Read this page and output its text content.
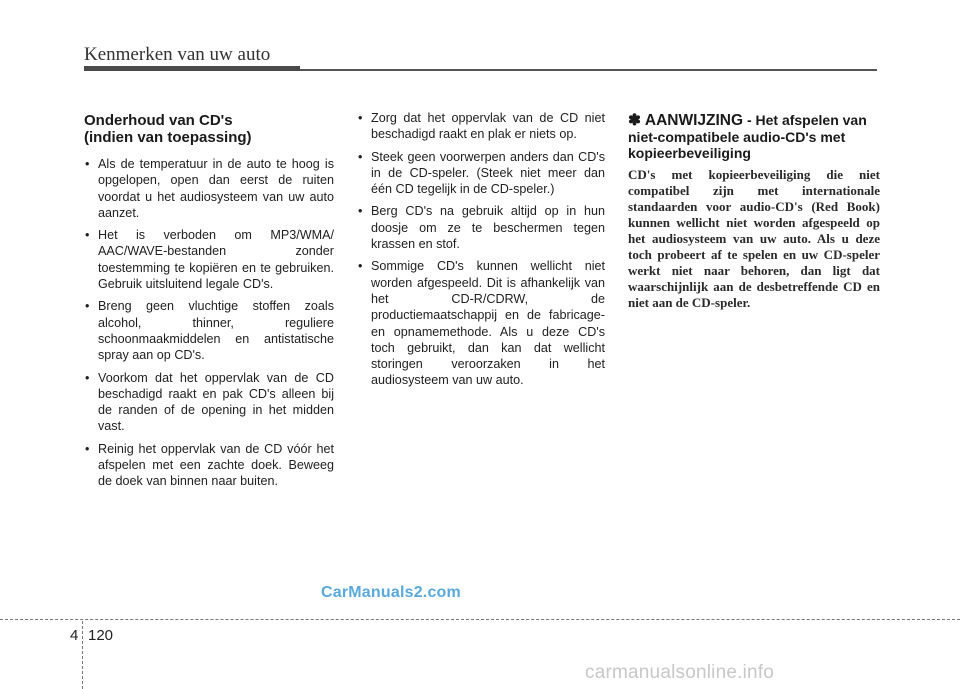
Kenmerken van uw auto
Onderhoud van CD's
(indien van toepassing)
• Als de temperatuur in de auto te hoog is opgelopen, open dan eerst de ruiten voordat u het audiosysteem van uw auto aanzet.
• Het is verboden om MP3/WMA/ AAC/WAVE-bestanden zonder toestemming te kopiëren en te gebruiken. Gebruik uitsluitend legale CD's.
• Breng geen vluchtige stoffen zoals alcohol, thinner, reguliere schoonmaakmiddelen en antistatische spray aan op CD's.
• Voorkom dat het oppervlak van de CD beschadigd raakt en pak CD's alleen bij de randen of de opening in het midden vast.
• Reinig het oppervlak van de CD vóór het afspelen met een zachte doek. Beweeg de doek van binnen naar buiten.
• Zorg dat het oppervlak van de CD niet beschadigd raakt en plak er niets op.
• Steek geen voorwerpen anders dan CD's in de CD-speler. (Steek niet meer dan één CD tegelijk in de CD-speler.)
• Berg CD's na gebruik altijd op in hun doosje om ze te beschermen tegen krassen en stof.
• Sommige CD's kunnen wellicht niet worden afgespeeld. Dit is afhankelijk van het CD-R/CDRW, de productiemaatschappij en de fabricage- en opnamemethode. Als u deze CD's toch gebruikt, dan kan dat wellicht storingen veroorzaken in het audiosysteem van uw auto.
✽ AANWIJZING - Het afspelen van niet-compatibele audio-CD's met kopieerbeveiliging

CD's met kopieerbeveiliging die niet compatibel zijn met internationale standaarden voor audio-CD's (Red Book) kunnen wellicht niet worden afgespeeld op het audiosysteem van uw auto. Als u deze toch probeert af te spelen en uw CD-speler werkt niet naar behoren, dan ligt dat waarschijnlijk aan de desbetreffende CD en niet aan de CD-speler.

CarManuals2.com
4 120
carmanualsonline.info
